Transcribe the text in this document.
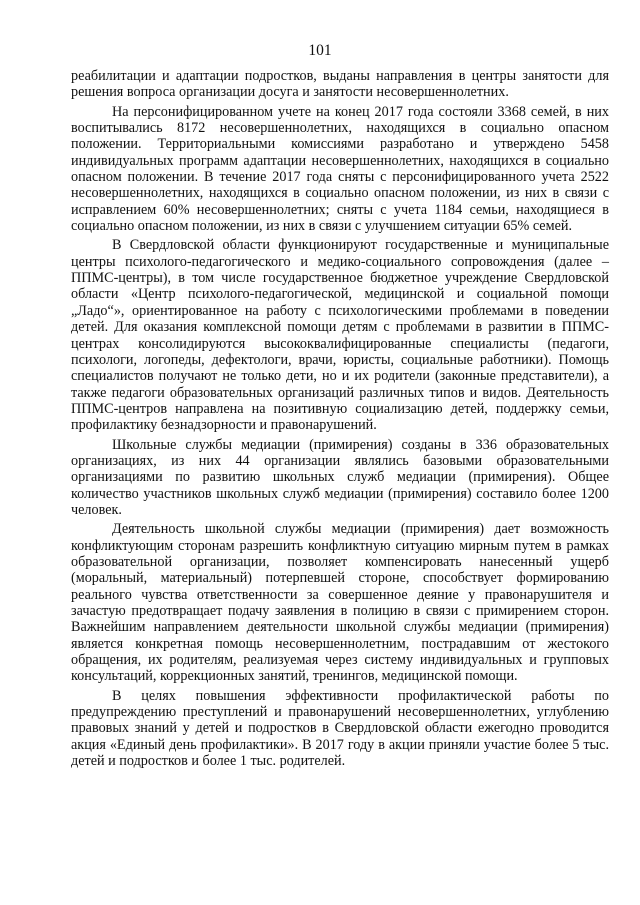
101

реабилитации и адаптации подростков, выданы направления в центры занятости для решения вопроса организации досуга и занятости несовершеннолетних.

На персонифицированном учете на конец 2017 года состояли 3368 семей, в них воспитывались 8172 несовершеннолетних, находящихся в социально опасном положении. Территориальными комиссиями разработано и утверждено 5458 индивидуальных программ адаптации несовершеннолетних, находящихся в социально опасном положении. В течение 2017 года сняты с персонифицированного учета 2522 несовершеннолетних, находящихся в социально опасном положении, из них в связи с исправлением 60% несовершеннолетних; сняты с учета 1184 семьи, находящиеся в социально опасном положении, из них в связи с улучшением ситуации 65% семей.

В Свердловской области функционируют государственные и муниципальные центры психолого-педагогического и медико-социального сопровождения (далее – ППМС-центры), в том числе государственное бюджетное учреждение Свердловской области «Центр психолого-педагогической, медицинской и социальной помощи „Ладо“», ориентированное на работу с психологическими проблемами в поведении детей. Для оказания комплексной помощи детям с проблемами в развитии в ППМС-центрах консолидируются высококвалифицированные специалисты (педагоги, психологи, логопеды, дефектологи, врачи, юристы, социальные работники). Помощь специалистов получают не только дети, но и их родители (законные представители), а также педагоги образовательных организаций различных типов и видов. Деятельность ППМС-центров направлена на позитивную социализацию детей, поддержку семьи, профилактику безнадзорности и правонарушений.

Школьные службы медиации (примирения) созданы в 336 образовательных организациях, из них 44 организации являлись базовыми образовательными организациями по развитию школьных служб медиации (примирения). Общее количество участников школьных служб медиации (примирения) составило более 1200 человек.

Деятельность школьной службы медиации (примирения) дает возможность конфликтующим сторонам разрешить конфликтную ситуацию мирным путем в рамках образовательной организации, позволяет компенсировать нанесенный ущерб (моральный, материальный) потерпевшей стороне, способствует формированию реального чувства ответственности за совершенное деяние у правонарушителя и зачастую предотвращает подачу заявления в полицию в связи с примирением сторон. Важнейшим направлением деятельности школьной службы медиации (примирения) является конкретная помощь несовершеннолетним, пострадавшим от жестокого обращения, их родителям, реализуемая через систему индивидуальных и групповых консультаций, коррекционных занятий, тренингов, медицинской помощи.

В целях повышения эффективности профилактической работы по предупреждению преступлений и правонарушений несовершеннолетних, углублению правовых знаний у детей и подростков в Свердловской области ежегодно проводится акция «Единый день профилактики». В 2017 году в акции приняли участие более 5 тыс. детей и подростков и более 1 тыс. родителей.
